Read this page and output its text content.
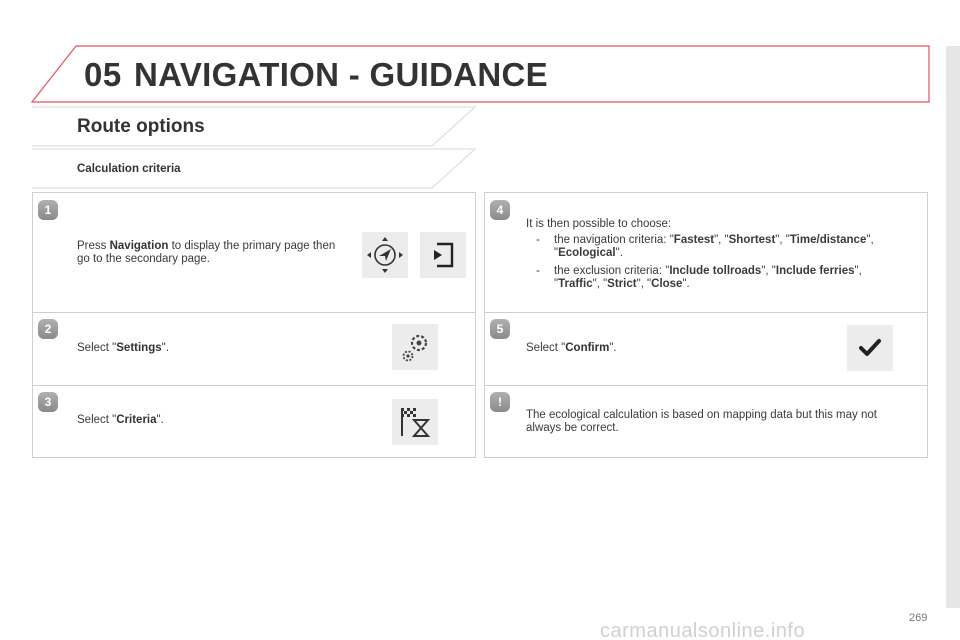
05 NAVIGATION - GUIDANCE
Route options
Calculation criteria
1
Press Navigation to display the primary page then go to the secondary page.
2
Select "Settings".
3
Select "Criteria".
4
It is then possible to choose:
- the navigation criteria: "Fastest", "Shortest", "Time/distance",
"Ecological".
- the exclusion criteria: "Include tollroads", "Include ferries",
"Traffic", "Strict", "Close".
5
Select "Confirm".
!
The ecological calculation is based on mapping data but this may not always be correct.
269
carmanualsonline.info
